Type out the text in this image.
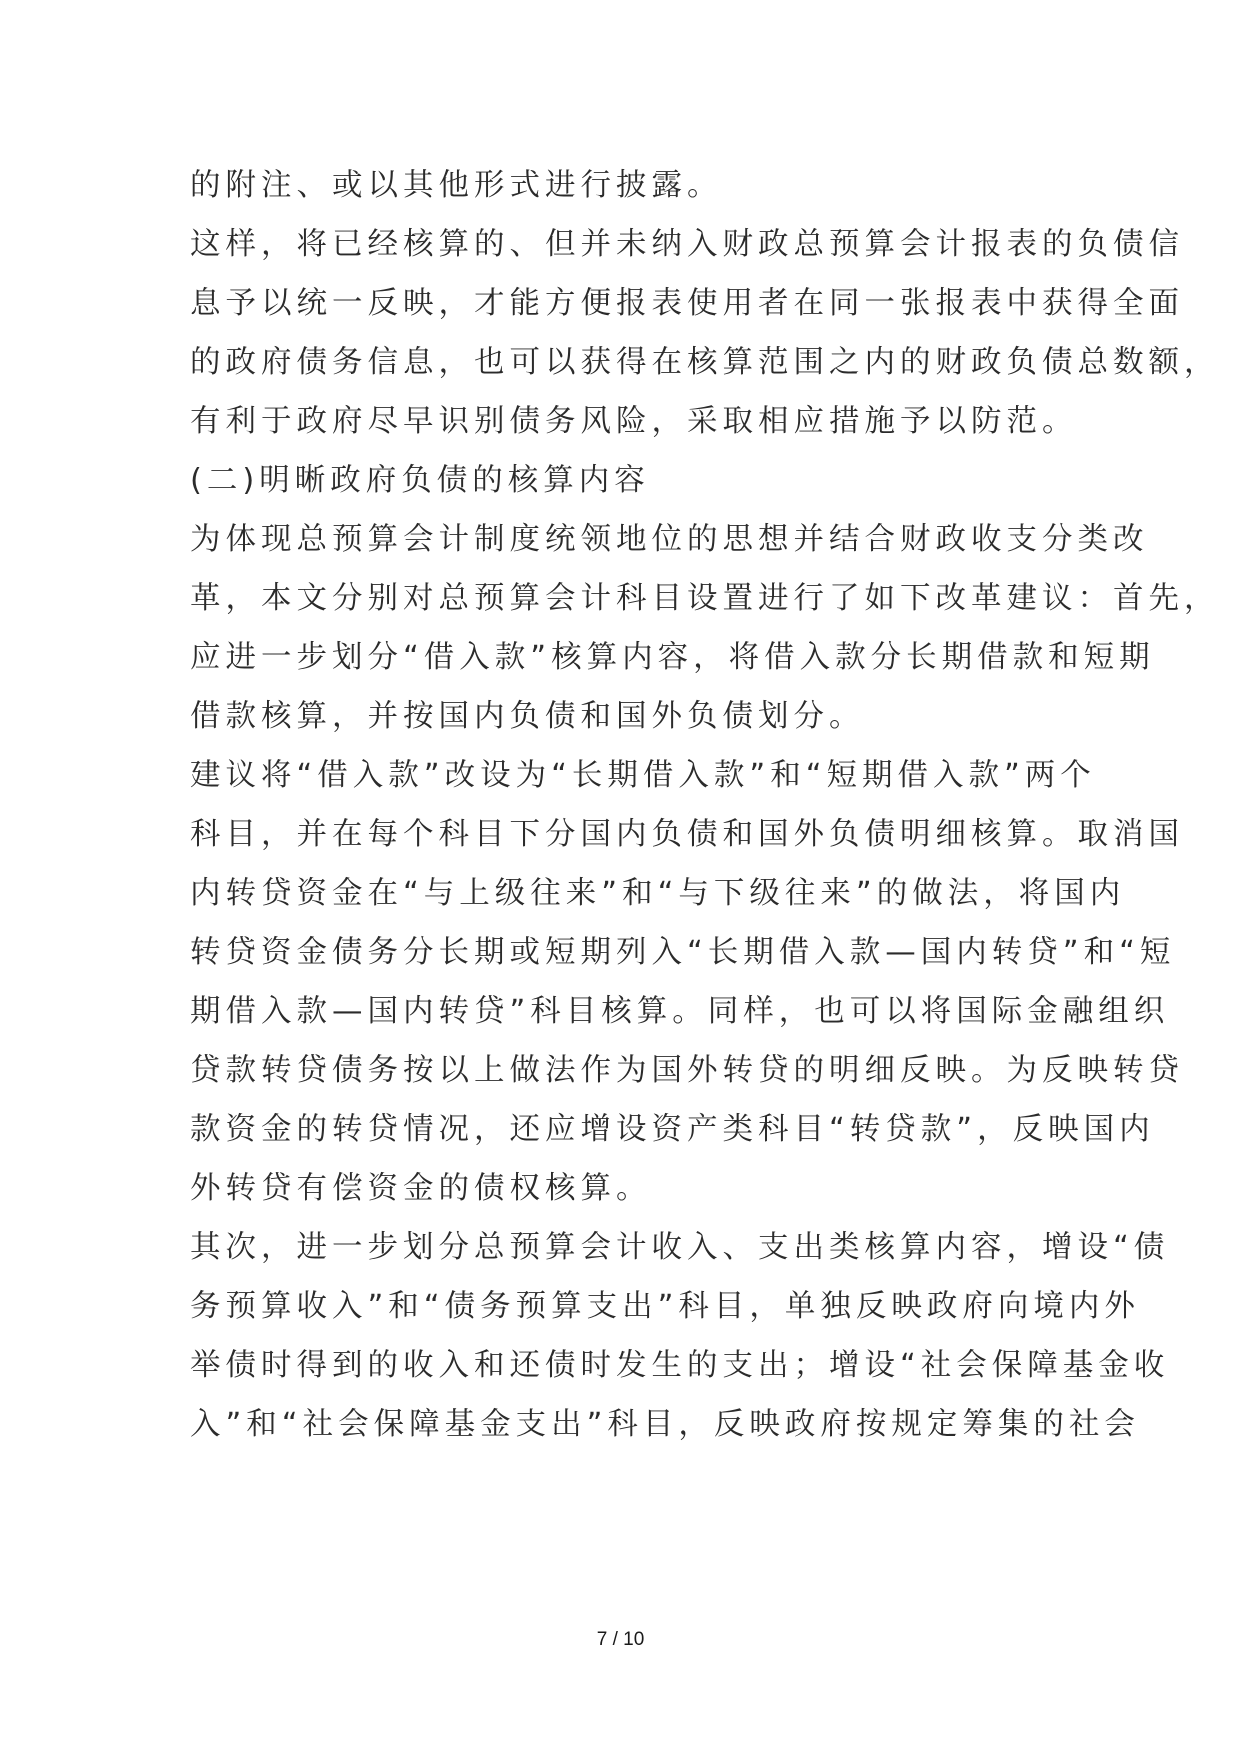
的附注、或以其他形式进行披露。
这样，将已经核算的、但并未纳入财政总预算会计报表的负债信
息予以统一反映，才能方便报表使用者在同一张报表中获得全面
的政府债务信息，也可以获得在核算范围之内的财政负债总数额，
有利于政府尽早识别债务风险，采取相应措施予以防范。
(二)明晰政府负债的核算内容
为体现总预算会计制度统领地位的思想并结合财政收支分类改
革，本文分别对总预算会计科目设置进行了如下改革建议：首先，
应进一步划分“借入款”核算内容，将借入款分长期借款和短期
借款核算，并按国内负债和国外负债划分。
建议将“借入款”改设为“长期借入款”和“短期借入款”两个
科目，并在每个科目下分国内负债和国外负债明细核算。取消国
内转贷资金在“与上级往来”和“与下级往来”的做法，将国内
转贷资金债务分长期或短期列入“长期借入款—国内转贷”和“短
期借入款—国内转贷”科目核算。同样，也可以将国际金融组织
贷款转贷债务按以上做法作为国外转贷的明细反映。为反映转贷
款资金的转贷情况，还应增设资产类科目“转贷款”，反映国内
外转贷有偿资金的债权核算。
其次，进一步划分总预算会计收入、支出类核算内容，增设“债
务预算收入”和“债务预算支出”科目，单独反映政府向境内外
举债时得到的收入和还债时发生的支出；增设“社会保障基金收
入”和“社会保障基金支出”科目，反映政府按规定筹集的社会
7 / 10
